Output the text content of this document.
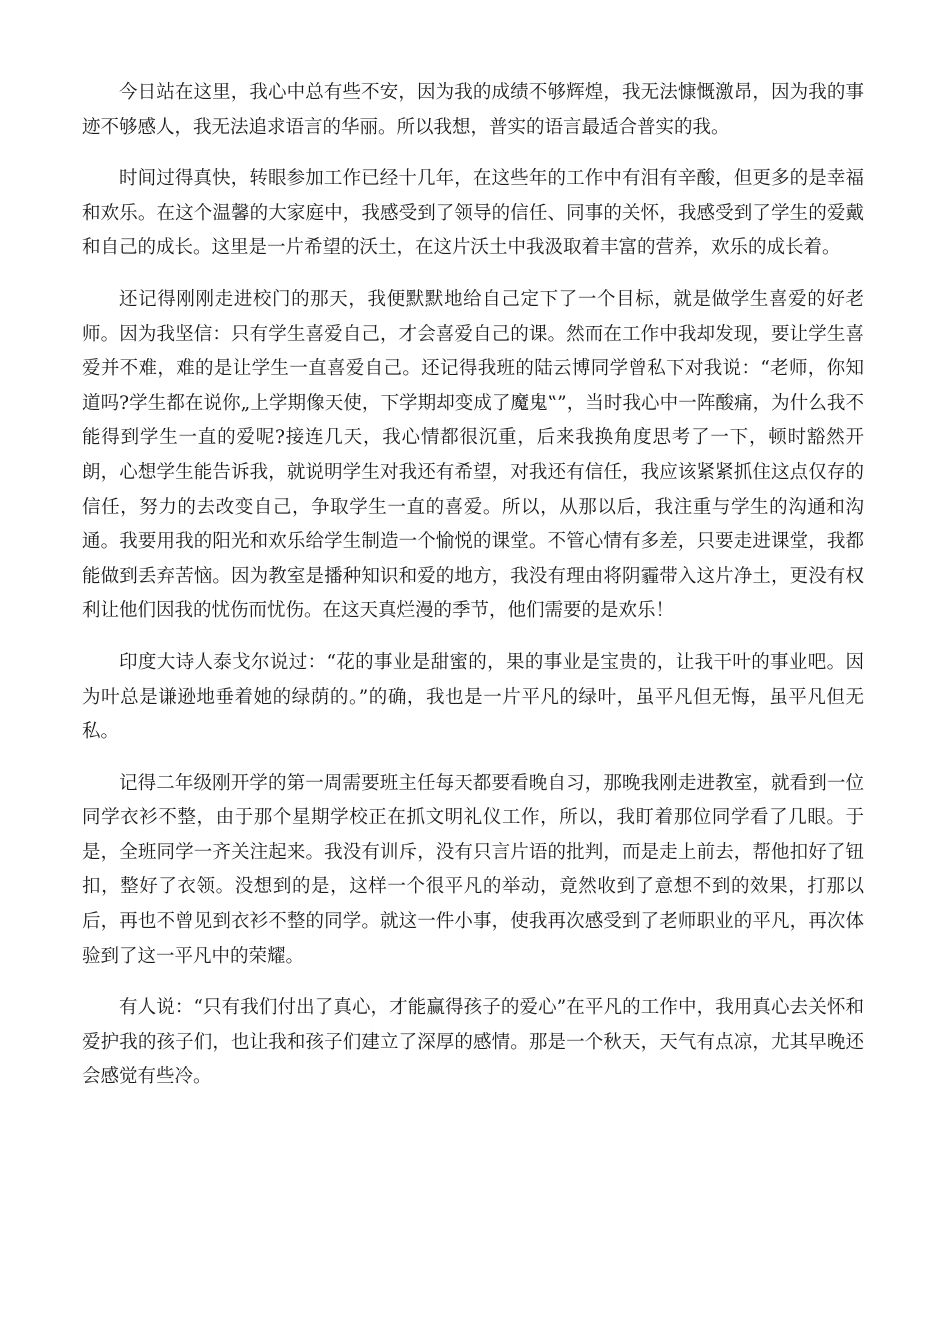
今日站在这里，我心中总有些不安，因为我的成绩不够辉煌，我无法慷慨激昂，因为我的事迹不够感人，我无法追求语言的华丽。所以我想，普实的语言最适合普实的我。

时间过得真快，转眼参加工作已经十几年，在这些年的工作中有泪有辛酸，但更多的是幸福和欢乐。在这个温馨的大家庭中，我感受到了领导的信任、同事的关怀，我感受到了学生的爱戴和自己的成长。这里是一片希望的沃土，在这片沃土中我汲取着丰富的营养，欢乐的成长着。

还记得刚刚走进校门的那天，我便默默地给自己定下了一个目标，就是做学生喜爱的好老师。因为我坚信：只有学生喜爱自己，才会喜爱自己的课。然而在工作中我却发现，要让学生喜爱并不难，难的是让学生一直喜爱自己。还记得我班的陆云博同学曾私下对我说：“老师，你知道吗?学生都在说你„上学期像天使，下学期却变成了魔鬼‟”，当时我心中一阵酸痛，为什么我不能得到学生一直的爱呢?接连几天，我心情都很沉重，后来我换角度思考了一下，顿时豁然开朗，心想学生能告诉我，就说明学生对我还有希望，对我还有信任，我应该紧紧抓住这点仅存的信任，努力的去改变自己，争取学生一直的喜爱。所以，从那以后，我注重与学生的沟通和沟通。我要用我的阳光和欢乐给学生制造一个愉悦的课堂。不管心情有多差，只要走进课堂，我都能做到丢弃苦恼。因为教室是播种知识和爱的地方，我没有理由将阴霾带入这片净土，更没有权利让他们因我的忧伤而忧伤。在这天真烂漫的季节，他们需要的是欢乐！

印度大诗人泰戈尔说过：“花的事业是甜蜜的，果的事业是宝贵的，让我干叶的事业吧。因为叶总是谦逊地垂着她的绿荫的。”的确，我也是一片平凡的绿叶，虽平凡但无悔，虽平凡但无私。

记得二年级刚开学的第一周需要班主任每天都要看晚自习，那晚我刚走进教室，就看到一位同学衣衫不整，由于那个星期学校正在抓文明礼仪工作，所以，我盯着那位同学看了几眼。于是，全班同学一齐关注起来。我没有训斥，没有只言片语的批判，而是走上前去，帮他扣好了钮扣，整好了衣领。没想到的是，这样一个很平凡的举动，竟然收到了意想不到的效果，打那以后，再也不曾见到衣衫不整的同学。就这一件小事，使我再次感受到了老师职业的平凡，再次体验到了这一平凡中的荣耀。

有人说：“只有我们付出了真心，才能赢得孩子的爱心”在平凡的工作中，我用真心去关怀和爱护我的孩子们，也让我和孩子们建立了深厚的感情。那是一个秋天，天气有点凉，尤其早晚还会感觉有些冷。
